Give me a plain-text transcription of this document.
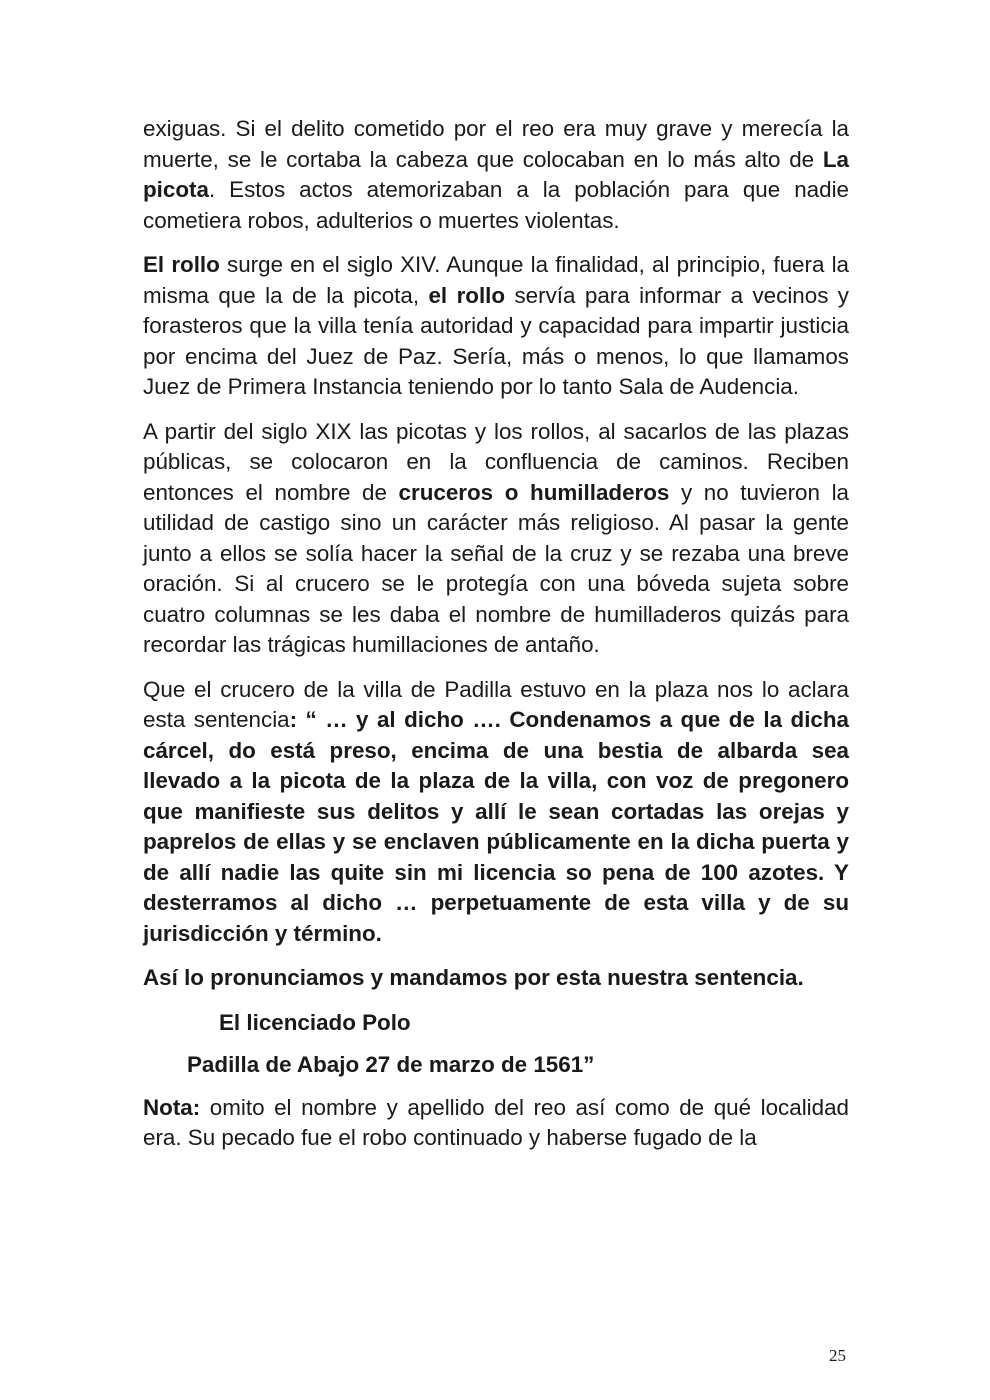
exiguas. Si el delito cometido por el reo era muy grave y merecía la muerte, se le cortaba la cabeza que colocaban en lo más alto de La picota. Estos actos atemorizaban a la población para que nadie cometiera robos, adulterios o muertes violentas.

El rollo surge en el siglo XIV. Aunque la finalidad, al principio, fuera la misma que la de la picota, el rollo servía para informar a vecinos y forasteros que la villa tenía autoridad y capacidad para impartir justicia por encima del Juez de Paz. Sería, más o menos, lo que llamamos Juez de Primera Instancia teniendo por lo tanto Sala de Audencia.

A partir del siglo XIX las picotas y los rollos, al sacarlos de las plazas públicas, se colocaron en la confluencia de caminos. Reciben entonces el nombre de cruceros o humilladeros y no tuvieron la utilidad de castigo sino un carácter más religioso. Al pasar la gente junto a ellos se solía hacer la señal de la cruz y se rezaba una breve oración. Si al crucero se le protegía con una bóveda sujeta sobre cuatro columnas se les daba el nombre de humilladeros quizás para recordar las trágicas humillaciones de antaño.

Que el crucero de la villa de Padilla estuvo en la plaza nos lo aclara esta sentencia: “ … y al dicho …. Condenamos a que de la dicha cárcel, do está preso, encima de una bestia de albarda sea llevado a la picota de la plaza de la villa, con voz de pregonero que manifieste sus delitos y allí le sean cortadas las orejas y paprelos de ellas y se enclaven públicamente en la dicha puerta y de allí nadie las quite sin mi licencia so pena de 100 azotes. Y desterramos al dicho … perpetuamente de esta villa y de su jurisdicción y término.

Así lo pronunciamos y mandamos por esta nuestra sentencia.

El licenciado Polo

Padilla de Abajo 27 de marzo de 1561”

Nota: omito el nombre y apellido del reo así como de qué localidad era. Su pecado fue el robo continuado y haberse fugado de la

25
